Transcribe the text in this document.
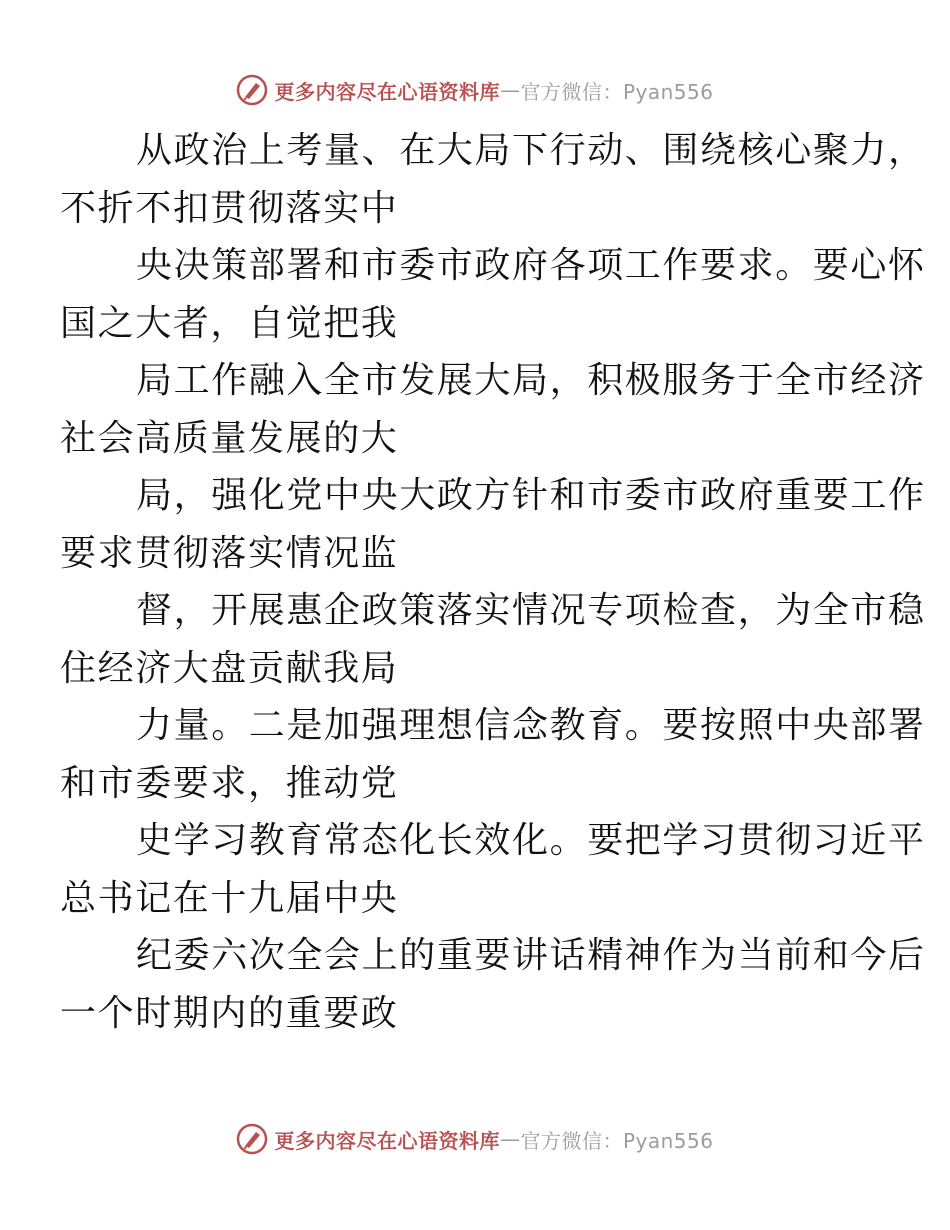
更多内容尽在心语资料库 — 官方微信：Pyan556

从政治上考量、在大局下行动、围绕核心聚力，
不折不扣贯彻落实中

央决策部署和市委市政府各项工作要求。要心怀
国之大者，自觉把我

局工作融入全市发展大局，积极服务于全市经济
社会高质量发展的大

局，强化党中央大政方针和市委市政府重要工作
要求贯彻落实情况监

督，开展惠企政策落实情况专项检查，为全市稳
住经济大盘贡献我局

力量。二是加强理想信念教育。要按照中央部署
和市委要求，推动党

史学习教育常态化长效化。要把学习贯彻习近平
总书记在十九届中央

纪委六次全会上的重要讲话精神作为当前和今后
一个时期内的重要政

更多内容尽在心语资料库 — 官方微信：Pyan556
